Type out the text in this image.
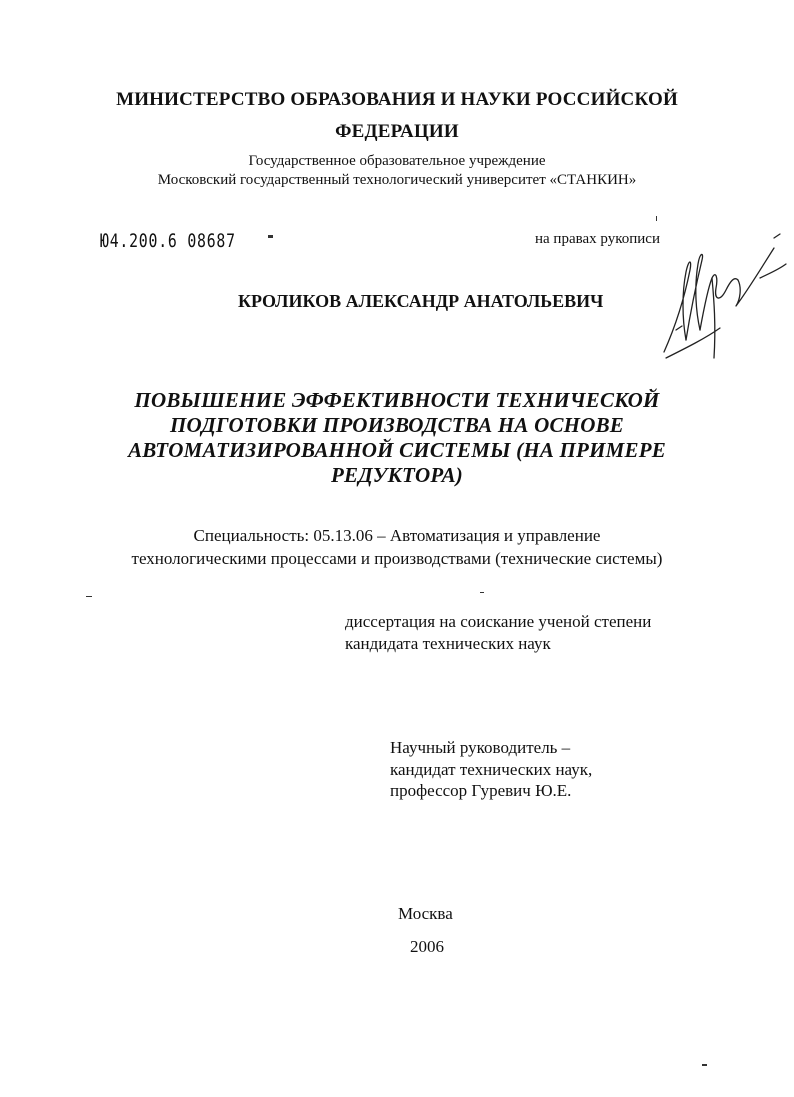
МИНИСТЕРСТВО ОБРАЗОВАНИЯ И НАУКИ РОССИЙСКОЙ
ФЕДЕРАЦИИ
Государственное образовательное учреждение
Московский государственный технологический университет «СТАНКИН»
Ю4.200.6 08687	на правах рукописи
КРОЛИКОВ АЛЕКСАНДР АНАТОЛЬЕВИЧ
ПОВЫШЕНИЕ ЭФФЕКТИВНОСТИ ТЕХНИЧЕСКОЙ
ПОДГОТОВКИ ПРОИЗВОДСТВА НА ОСНОВЕ
АВТОМАТИЗИРОВАННОЙ СИСТЕМЫ (НА ПРИМЕРЕ
РЕДУКТОРА)
Специальность: 05.13.06 – Автоматизация и управление
технологическими процессами и производствами (технические системы)
диссертация на соискание ученой степени
кандидата технических наук
Научный руководитель –
кандидат технических наук,
профессор Гуревич Ю.Е.
Москва
2006
